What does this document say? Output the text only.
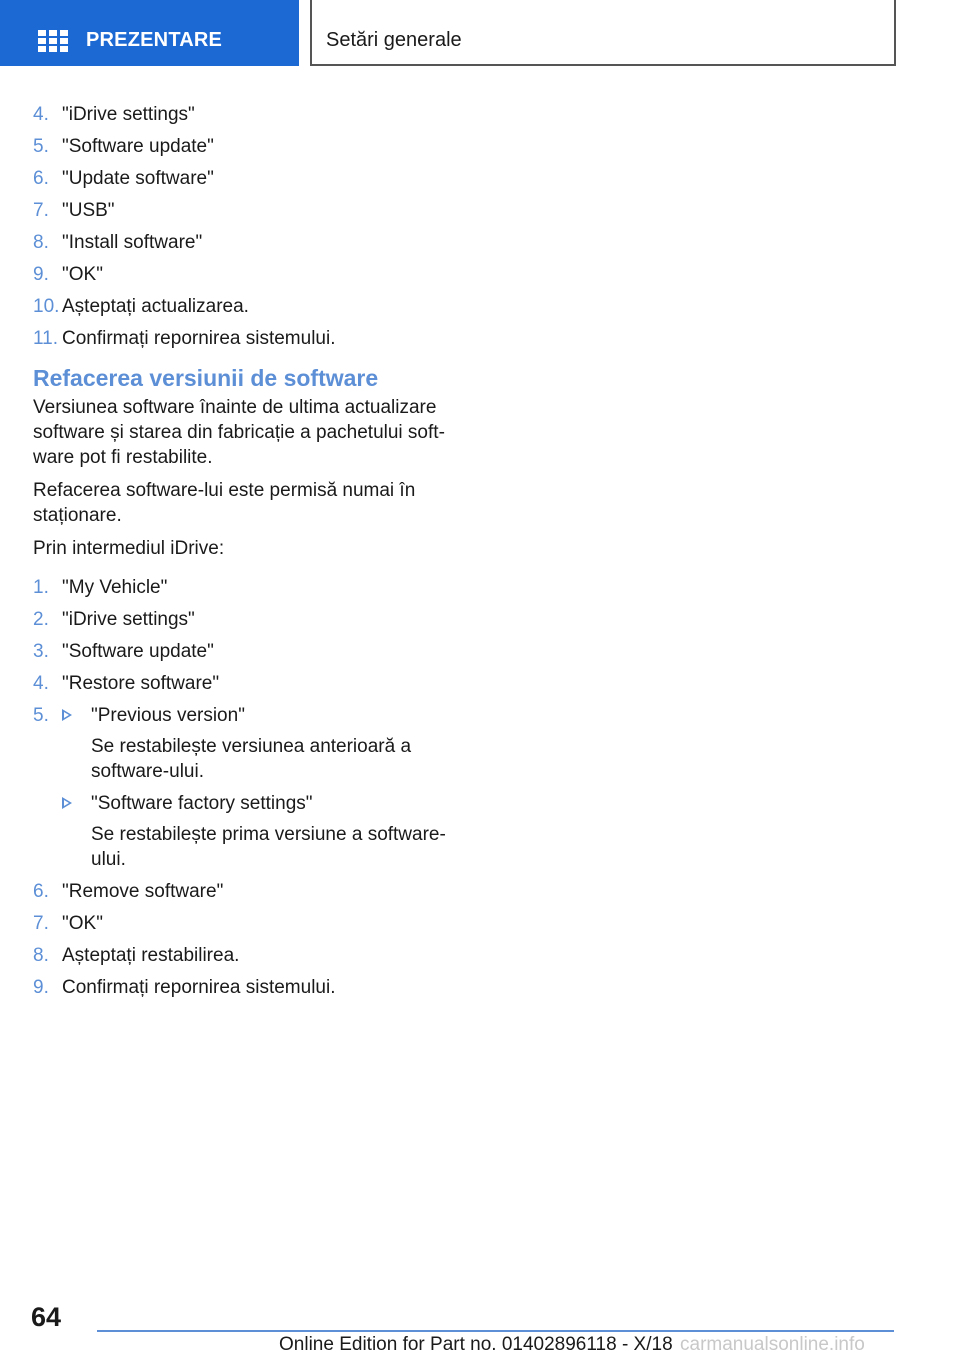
PREZENTARE	Setări generale
4. "iDrive settings"
5. "Software update"
6. "Update software"
7. "USB"
8. "Install software"
9. "OK"
10. Așteptați actualizarea.
11. Confirmați repornirea sistemului.
Refacerea versiunii de software

Versiunea software înainte de ultima actualizare software și starea din fabricație a pachetului software pot fi restabilite.

Refacerea software-lui este permisă numai în staționare.

Prin intermediul iDrive:

1. "My Vehicle"
2. "iDrive settings"
3. "Software update"
4. "Restore software"
5.	"Previous version"
Se restabilește versiunea anterioară a software-ului.
"Software factory settings"
Se restabilește prima versiune a softwareului.
6. "Remove software"
7. "OK"
8. Așteptați restabilirea.
9. Confirmați repornirea sistemului.
64
Online Edition for Part no. 01402896118 - X/18 carmanualsonline.info
